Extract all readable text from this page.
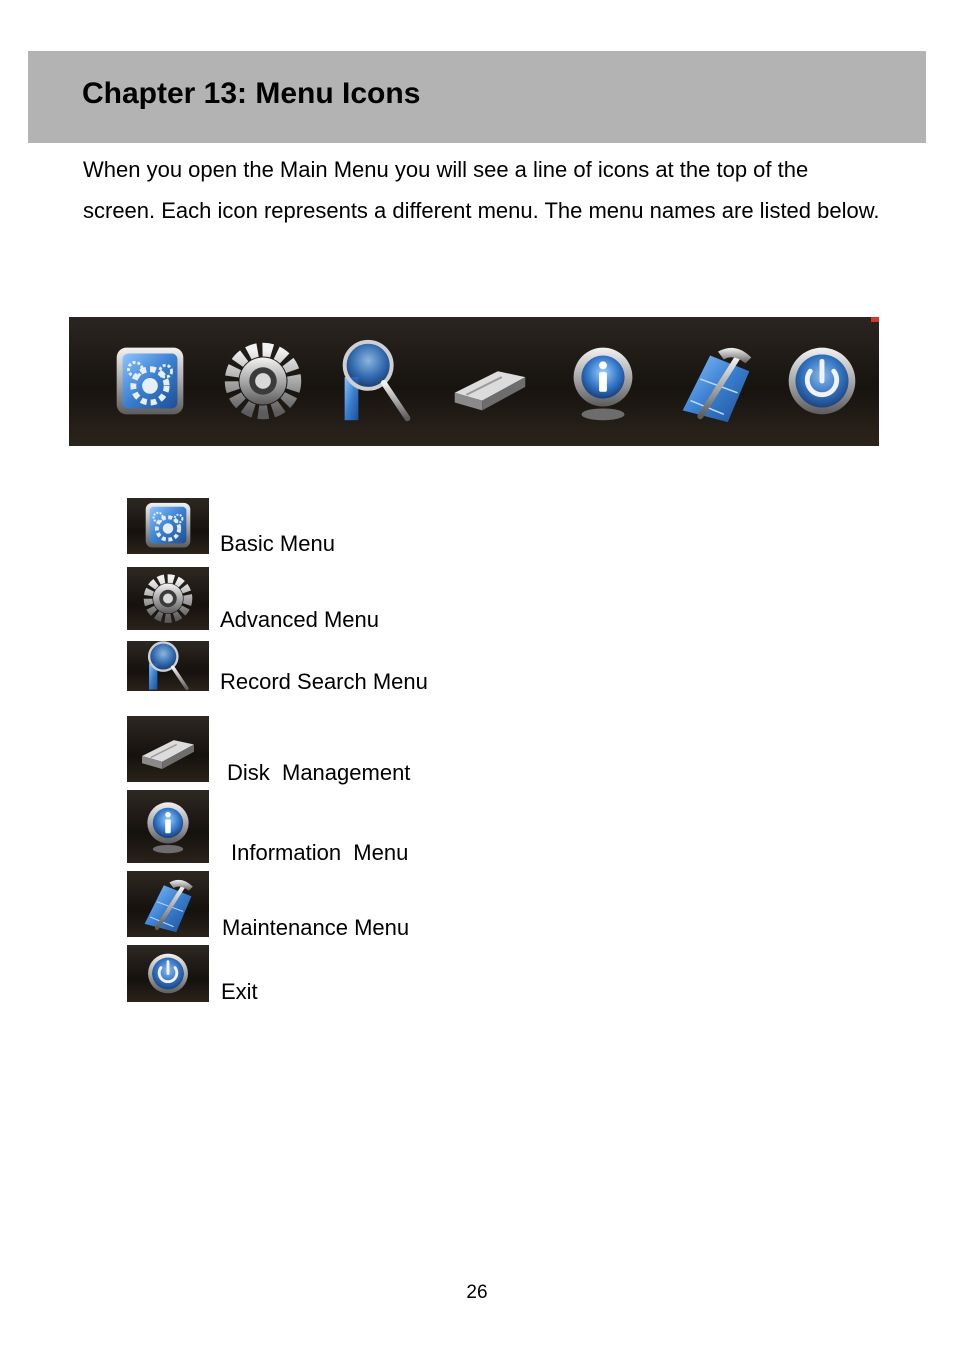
Chapter 13: Menu Icons

When you open the Main Menu you will see a line of icons at the top of the screen. Each icon represents a different menu. The menu names are listed below.

Basic Menu
Advanced Menu
Record Search Menu
Disk  Management
Information  Menu
Maintenance Menu
Exit
26
